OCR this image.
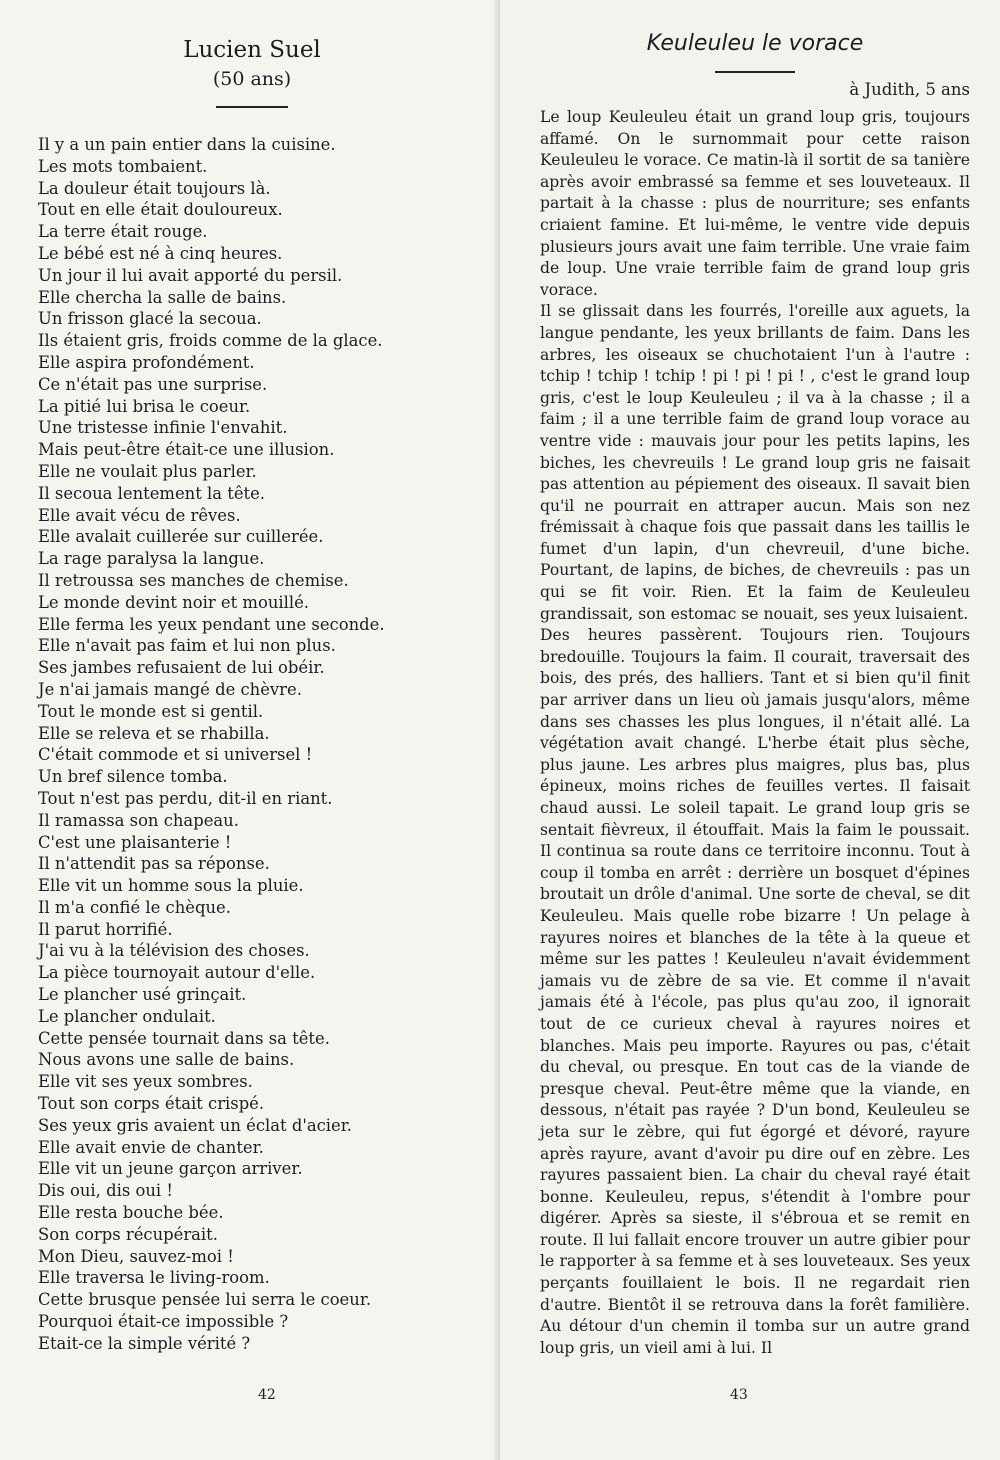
Lucien Suel
(50 ans)
Il y a un pain entier dans la cuisine.
Les mots tombaient.
La douleur était toujours là.
Tout en elle était douloureux.
La terre était rouge.
Le bébé est né à cinq heures.
Un jour il lui avait apporté du persil.
Elle chercha la salle de bains.
Un frisson glacé la secoua.
Ils étaient gris, froids comme de la glace.
Elle aspira profondément.
Ce n'était pas une surprise.
La pitié lui brisa le coeur.
Une tristesse infinie l'envahit.
Mais peut-être était-ce une illusion.
Elle ne voulait plus parler.
Il secoua lentement la tête.
Elle avait vécu de rêves.
Elle avalait cuillerée sur cuillerée.
La rage paralysa la langue.
Il retroussa ses manches de chemise.
Le monde devint noir et mouillé.
Elle ferma les yeux pendant une seconde.
Elle n'avait pas faim et lui non plus.
Ses jambes refusaient de lui obéir.
Je n'ai jamais mangé de chèvre.
Tout le monde est si gentil.
Elle se releva et se rhabilla.
C'était commode et si universel !
Un bref silence tomba.
Tout n'est pas perdu, dit-il en riant.
Il ramassa son chapeau.
C'est une plaisanterie !
Il n'attendit pas sa réponse.
Elle vit un homme sous la pluie.
Il m'a confié le chèque.
Il parut horrifié.
J'ai vu à la télévision des choses.
La pièce tournoyait autour d'elle.
Le plancher usé grinçait.
Le plancher ondulait.
Cette pensée tournait dans sa tête.
Nous avons une salle de bains.
Elle vit ses yeux sombres.
Tout son corps était crispé.
Ses yeux gris avaient un éclat d'acier.
Elle avait envie de chanter.
Elle vit un jeune garçon arriver.
Dis oui, dis oui !
Elle resta bouche bée.
Son corps récupérait.
Mon Dieu, sauvez-moi !
Elle traversa le living-room.
Cette brusque pensée lui serra le coeur.
Pourquoi était-ce impossible ?
Etait-ce la simple vérité ?
Keuleuleu le vorace
à Judith, 5 ans

Le loup Keuleuleu était un grand loup gris, toujours affamé. On le surnommait pour cette raison Keuleuleu le vorace. Ce matin-là il sortit de sa tanière après avoir embrassé sa femme et ses louveteaux. Il partait à la chasse : plus de nourriture; ses enfants criaient famine. Et lui-même, le ventre vide depuis plusieurs jours avait une faim terrible. Une vraie faim de loup. Une vraie terrible faim de grand loup gris vorace.

Il se glissait dans les fourrés, l'oreille aux aguets, la langue pendante, les yeux brillants de faim. Dans les arbres, les oiseaux se chuchotaient l'un à l'autre : tchip ! tchip ! tchip ! pi ! pi ! pi ! , c'est le grand loup gris, c'est le loup Keuleuleu ; il va à la chasse ; il a faim ; il a une terrible faim de grand loup vorace au ventre vide : mauvais jour pour les petits lapins, les biches, les chevreuils ! Le grand loup gris ne faisait pas attention au pépiement des oiseaux. Il savait bien qu'il ne pourrait en attraper aucun. Mais son nez frémissait à chaque fois que passait dans les taillis le fumet d'un lapin, d'un chevreuil, d'une biche. Pourtant, de lapins, de biches, de chevreuils : pas un qui se fit voir. Rien. Et la faim de Keuleuleu grandissait, son estomac se nouait, ses yeux luisaient.

Des heures passèrent. Toujours rien. Toujours bredouille. Toujours la faim. Il courait, traversait des bois, des prés, des halliers. Tant et si bien qu'il finit par arriver dans un lieu où jamais jusqu'alors, même dans ses chasses les plus longues, il n'était allé. La végétation avait changé. L'herbe était plus sèche, plus jaune. Les arbres plus maigres, plus bas, plus épineux, moins riches de feuilles vertes. Il faisait chaud aussi. Le soleil tapait. Le grand loup gris se sentait fièvreux, il étouffait. Mais la faim le poussait. Il continua sa route dans ce territoire inconnu. Tout à coup il tomba en arrêt : derrière un bosquet d'épines broutait un drôle d'animal. Une sorte de cheval, se dit Keuleuleu. Mais quelle robe bizarre ! Un pelage à rayures noires et blanches de la tête à la queue et même sur les pattes ! Keuleuleu n'avait évidemment jamais vu de zèbre de sa vie. Et comme il n'avait jamais été à l'école, pas plus qu'au zoo, il ignorait tout de ce curieux cheval à rayures noires et blanches. Mais peu importe. Rayures ou pas, c'était du cheval, ou presque. En tout cas de la viande de presque cheval. Peut-être même que la viande, en dessous, n'était pas rayée ? D'un bond, Keuleuleu se jeta sur le zèbre, qui fut égorgé et dévoré, rayure après rayure, avant d'avoir pu dire ouf en zèbre. Les rayures passaient bien. La chair du cheval rayé était bonne. Keuleuleu, repus, s'étendit à l'ombre pour digérer. Après sa sieste, il s'ébroua et se remit en route. Il lui fallait encore trouver un autre gibier pour le rapporter à sa femme et à ses louveteaux. Ses yeux perçants fouillaient le bois. Il ne regardait rien d'autre. Bientôt il se retrouva dans la forêt familière. Au détour d'un chemin il tomba sur un autre grand loup gris, un vieil ami à lui. Il

42	43
